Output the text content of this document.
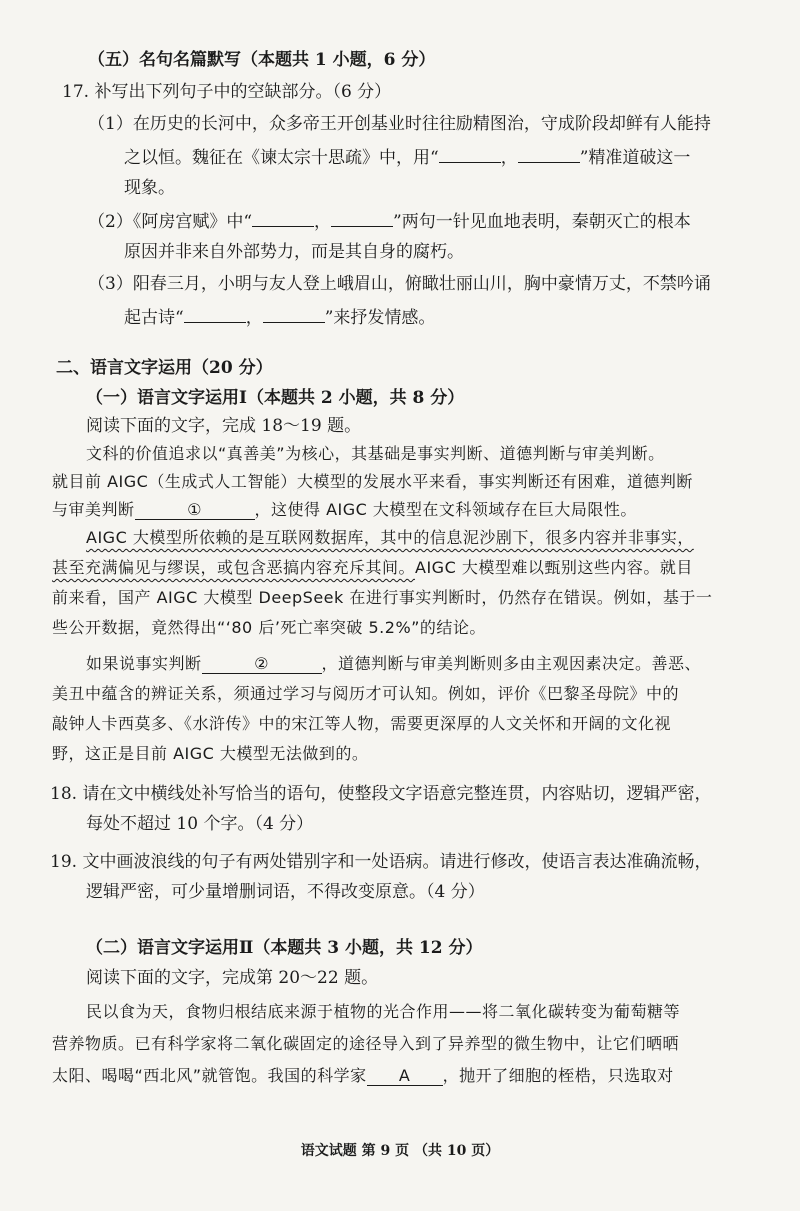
（五）名句名篇默写（本题共 1 小题，6 分）
17. 补写出下列句子中的空缺部分。（6 分）
（1）在历史的长河中，众多帝王开创基业时往往励精图治，守成阶段却鲜有人能持
之以恒。魏征在《谏太宗十思疏》中，用“	，	”精准道破这一
现象。
（2）《阿房宫赋》中“	，	”两句一针见血地表明，秦朝灭亡的根本
原因并非来自外部势力，而是其自身的腐朽。
（3）阳春三月，小明与友人登上峨眉山，俯瞰壮丽山川，胸中豪情万丈，不禁吟诵
起古诗“	，	”来抒发情感。
二、语言文字运用（20 分）
（一）语言文字运用Ⅰ（本题共 2 小题，共 8 分）
阅读下面的文字，完成 18～19 题。
文科的价值追求以“真善美”为核心，其基础是事实判断、道德判断与审美判断。
就目前 AIGC（生成式人工智能）大模型的发展水平来看，事实判断还有困难，道德判断
与审美判断	①	，这使得 AIGC 大模型在文科领域存在巨大局限性。
AIGC 大模型所依赖的是互联网数据库，其中的信息泥沙剧下，很多内容并非事实，
甚至充满偏见与缪误，或包含恶搞内容充斥其间。AIGC 大模型难以甄别这些内容。就目
前来看，国产 AIGC 大模型 DeepSeek 在进行事实判断时，仍然存在错误。例如，基于一
些公开数据，竟然得出“‘80 后’死亡率突破 5.2%”的结论。
如果说事实判断	②	，道德判断与审美判断则多由主观因素决定。善恶、
美丑中蕴含的辨证关系，须通过学习与阅历才可认知。例如，评价《巴黎圣母院》中的
敲钟人卡西莫多、《水浒传》中的宋江等人物，需要更深厚的人文关怀和开阔的文化视
野，这正是目前 AIGC 大模型无法做到的。
18. 请在文中横线处补写恰当的语句，使整段文字语意完整连贯，内容贴切，逻辑严密，
每处不超过 10 个字。（4 分）
19. 文中画波浪线的句子有两处错别字和一处语病。请进行修改，使语言表达准确流畅，
逻辑严密，可少量增删词语，不得改变原意。（4 分）
（二）语言文字运用Ⅱ（本题共 3 小题，共 12 分）
阅读下面的文字，完成第 20～22 题。
民以食为天，食物归根结底来源于植物的光合作用——将二氧化碳转变为葡萄糖等
营养物质。已有科学家将二氧化碳固定的途径导入到了异养型的微生物中，让它们晒晒
太阳、喝喝“西北风”就管饱。我国的科学家 A ，抛开了细胞的桎梏，只选取对
语文试题 第 9 页 （共 10 页）
